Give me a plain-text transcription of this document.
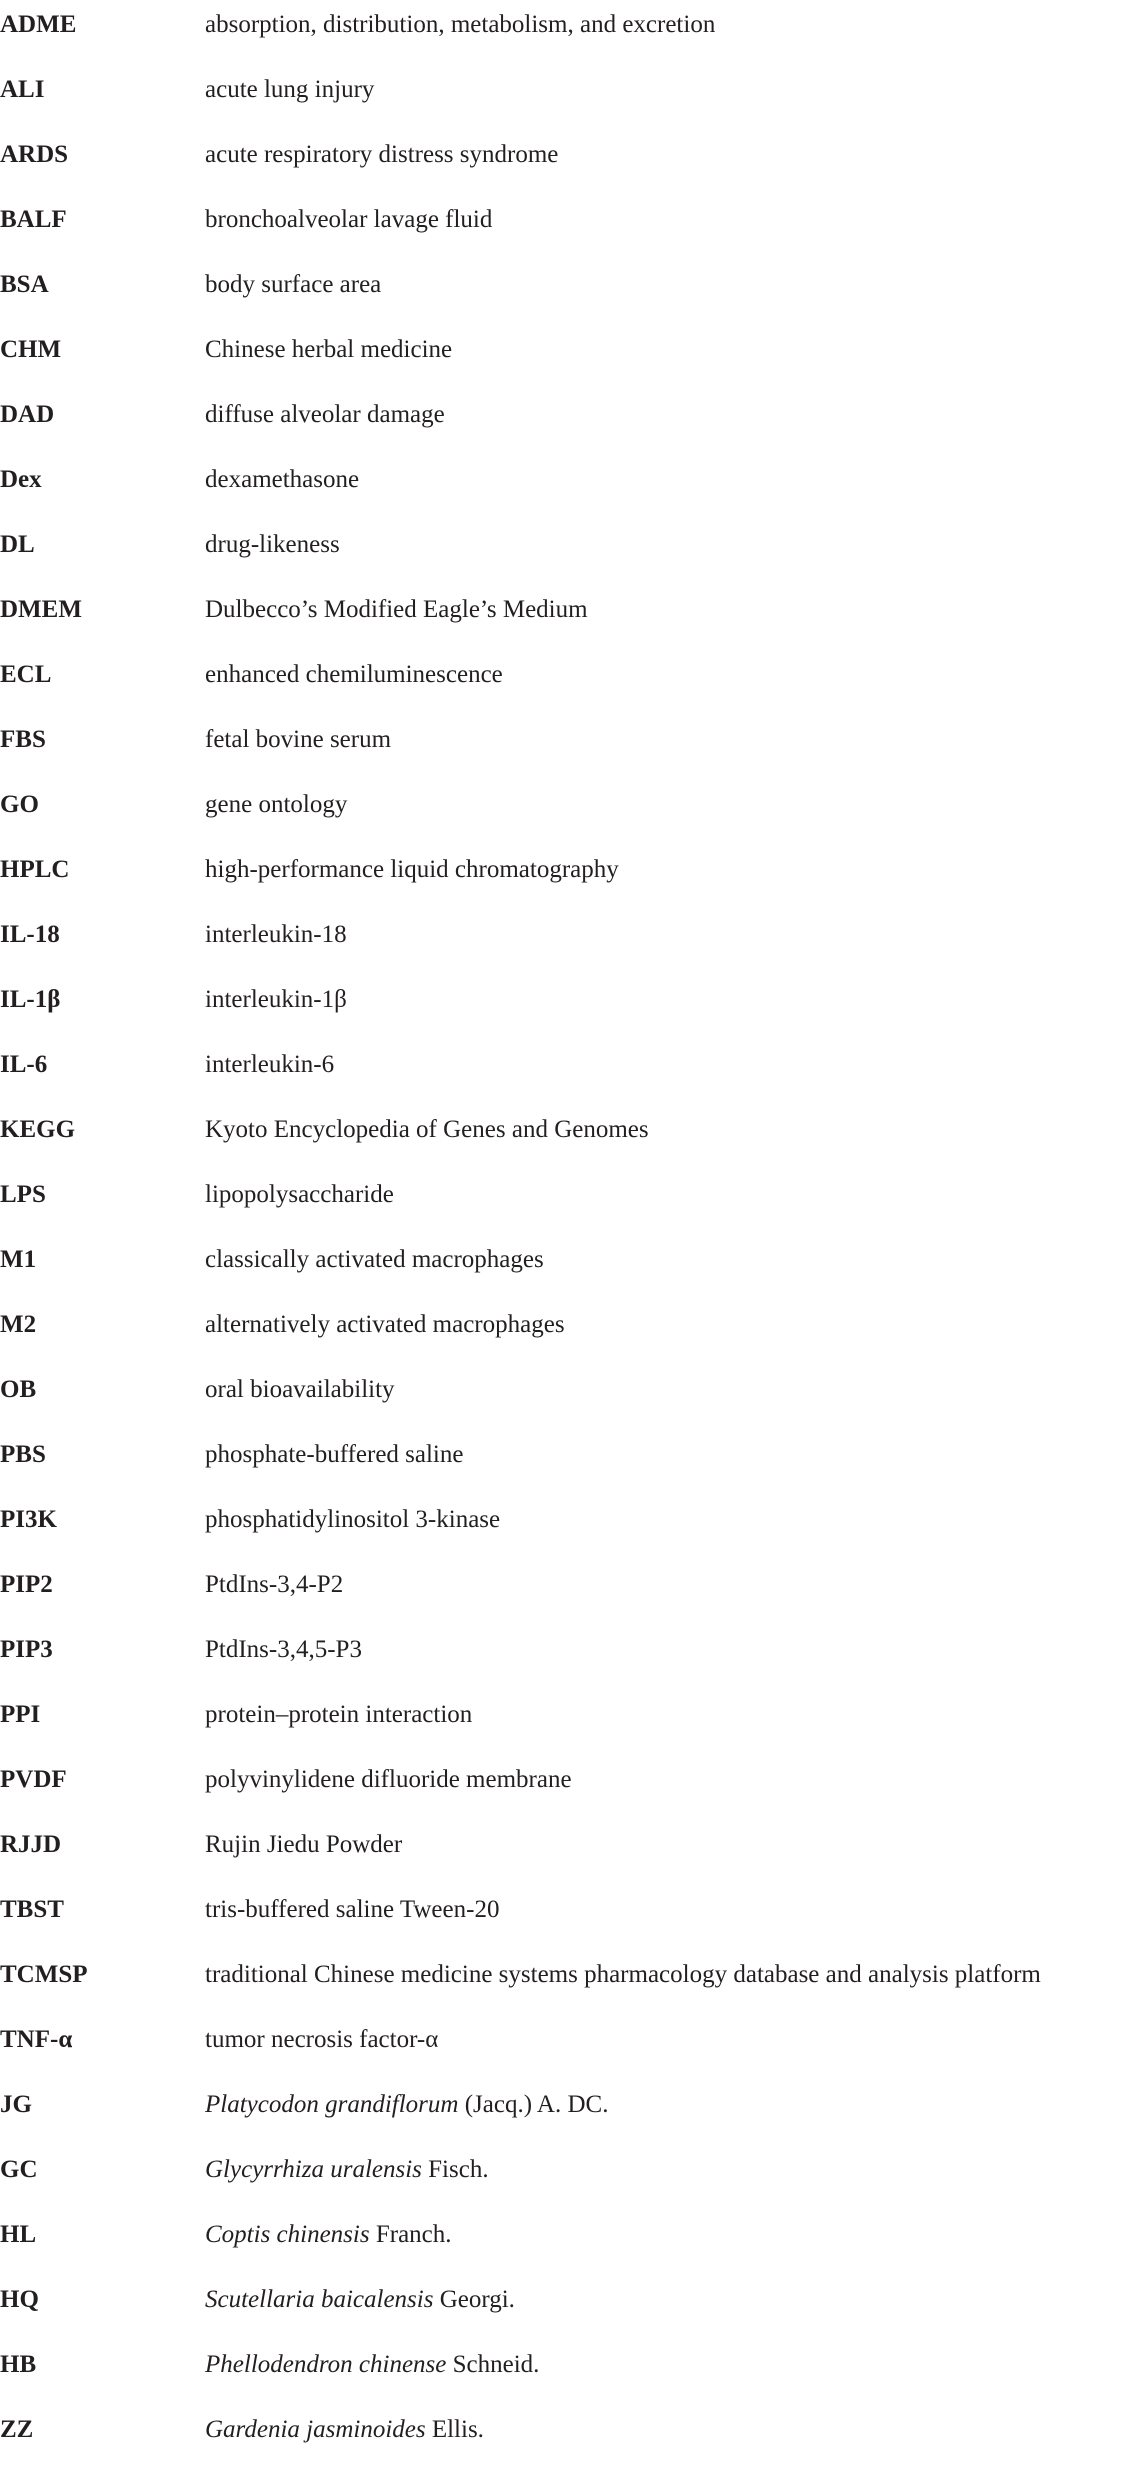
ADME	absorption, distribution, metabolism, and excretion
ALI	acute lung injury
ARDS	acute respiratory distress syndrome
BALF	bronchoalveolar lavage fluid
BSA	body surface area
CHM	Chinese herbal medicine
DAD	diffuse alveolar damage
Dex	dexamethasone
DL	drug-likeness
DMEM	Dulbecco’s Modified Eagle’s Medium
ECL	enhanced chemiluminescence
FBS	fetal bovine serum
GO	gene ontology
HPLC	high-performance liquid chromatography
IL-18	interleukin-18
IL-1β	interleukin-1β
IL-6	interleukin-6
KEGG	Kyoto Encyclopedia of Genes and Genomes
LPS	lipopolysaccharide
M1	classically activated macrophages
M2	alternatively activated macrophages
OB	oral bioavailability
PBS	phosphate-buffered saline
PI3K	phosphatidylinositol 3-kinase
PIP2	PtdIns-3,4-P2
PIP3	PtdIns-3,4,5-P3
PPI	protein–protein interaction
PVDF	polyvinylidene difluoride membrane
RJJD	Rujin Jiedu Powder
TBST	tris-buffered saline Tween-20
TCMSP	traditional Chinese medicine systems pharmacology database and analysis platform
TNF-α	tumor necrosis factor-α
JG	Platycodon grandiflorum (Jacq.) A. DC.
GC	Glycyrrhiza uralensis Fisch.
HL	Coptis chinensis Franch.
HQ	Scutellaria baicalensis Georgi.
HB	Phellodendron chinense Schneid.
ZZ	Gardenia jasminoides Ellis.
